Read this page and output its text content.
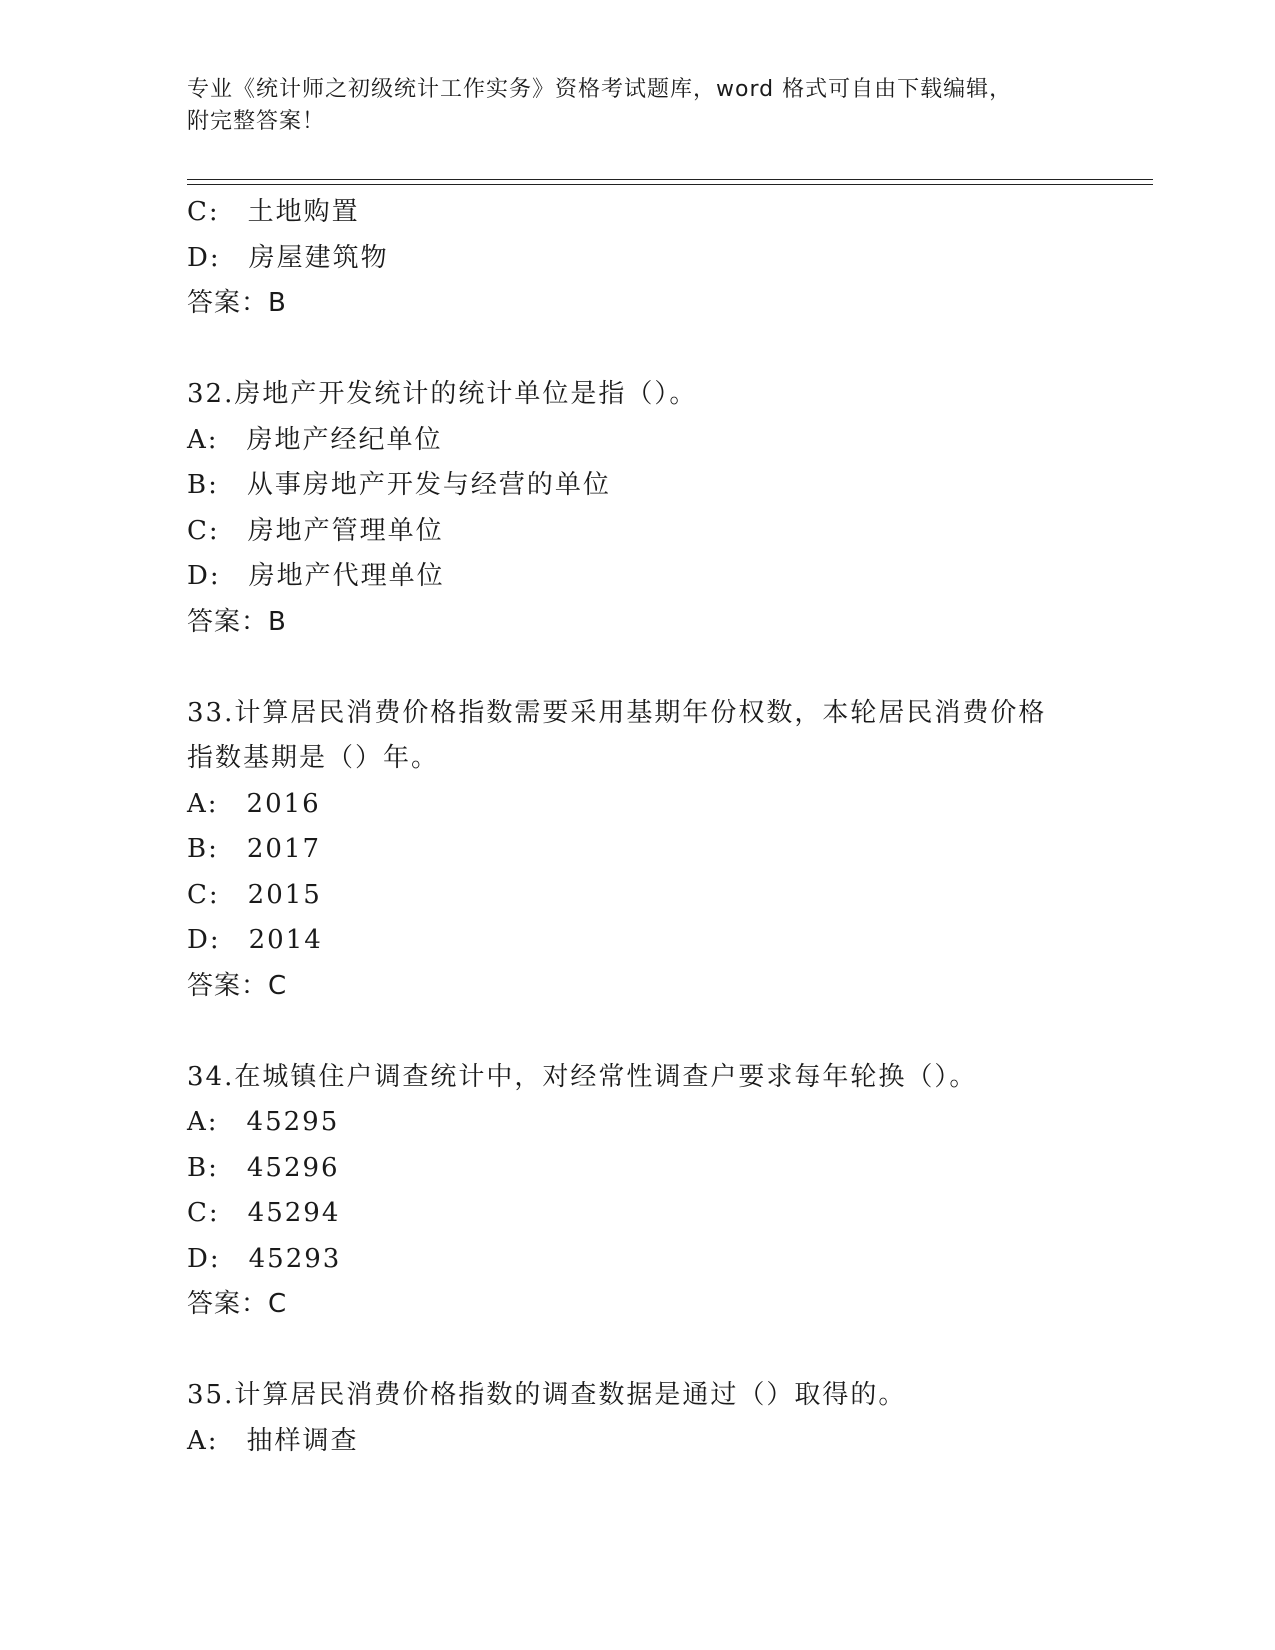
专业《统计师之初级统计工作实务》资格考试题库，word 格式可自由下载编辑，
附完整答案！
C:　土地购置
D:　房屋建筑物
答案：B
32.房地产开发统计的统计单位是指（）。
A:　房地产经纪单位
B:　从事房地产开发与经营的单位
C:　房地产管理单位
D:　房地产代理单位
答案：B
33.计算居民消费价格指数需要采用基期年份权数，本轮居民消费价格
指数基期是（）年。
A:　2016
B:　2017
C:　2015
D:　2014
答案：C
34.在城镇住户调查统计中，对经常性调查户要求每年轮换（）。
A:　45295
B:　45296
C:　45294
D:　45293
答案：C
35.计算居民消费价格指数的调查数据是通过（）取得的。
A:　抽样调查
